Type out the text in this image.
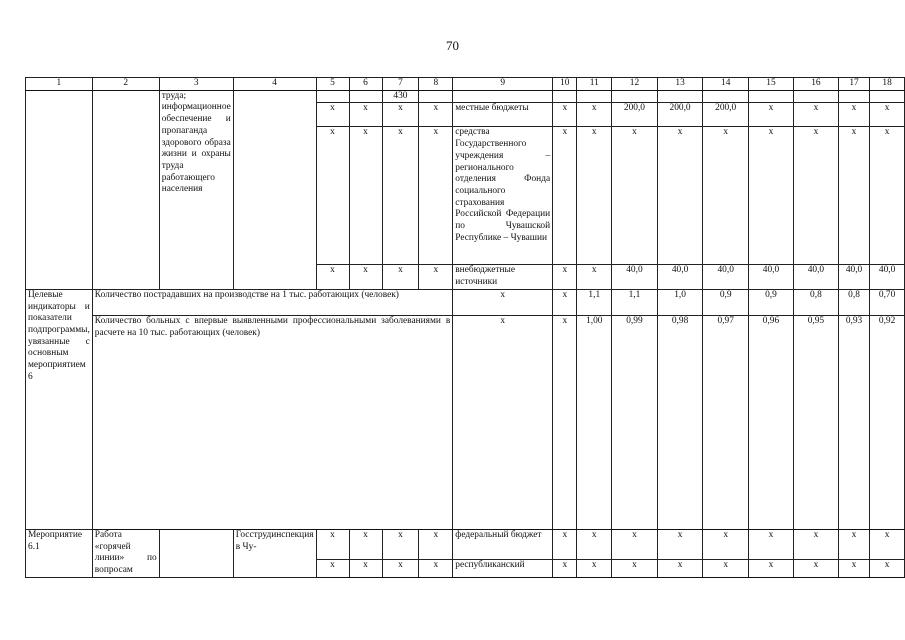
70
1	2	3	4	5	6	7	8	9	10	11	12	13	14	15	16	17	18
		труда; информационное обеспечение и пропаганда здорового образа жизни и охраны труда работающего населения				430											
				x	x	x	x	местные бюджеты	x	x	200,0	200,0	200,0	x	x	x	x
				x	x	x	x	средства Государственного учреждения – регионального отделения Фонда социального страхования Российской Федерации по Чувашской Республике – Чувашии	x	x	x	x	x	x	x	x	x
				x	x	x	x	внебюджетные источники	x	x	40,0	40,0	40,0	40,0	40,0	40,0	40,0
Целевые индикаторы и показатели подпрограммы, увязанные с основным мероприятием 6	Количество пострадавших на производстве на 1 тыс. работающих (человек)							x	x	1,1	1,1	1,0	0,9	0,9	0,8	0,8	0,70
	Количество больных с впервые выявленными профессиональными заболеваниями в расчете на 10 тыс. работающих (человек)							x	x	1,00	0,99	0,98	0,97	0,96	0,95	0,93	0,92
Мероприятие 6.1	Работа «горячей линии» по вопросам		Госструдинспекция в Чу-	x	x	x	x	федеральный бюджет	x	x	x	x	x	x	x	x	x
				x	x	x	x	республиканский	x	x	x	x	x	x	x	x	x
